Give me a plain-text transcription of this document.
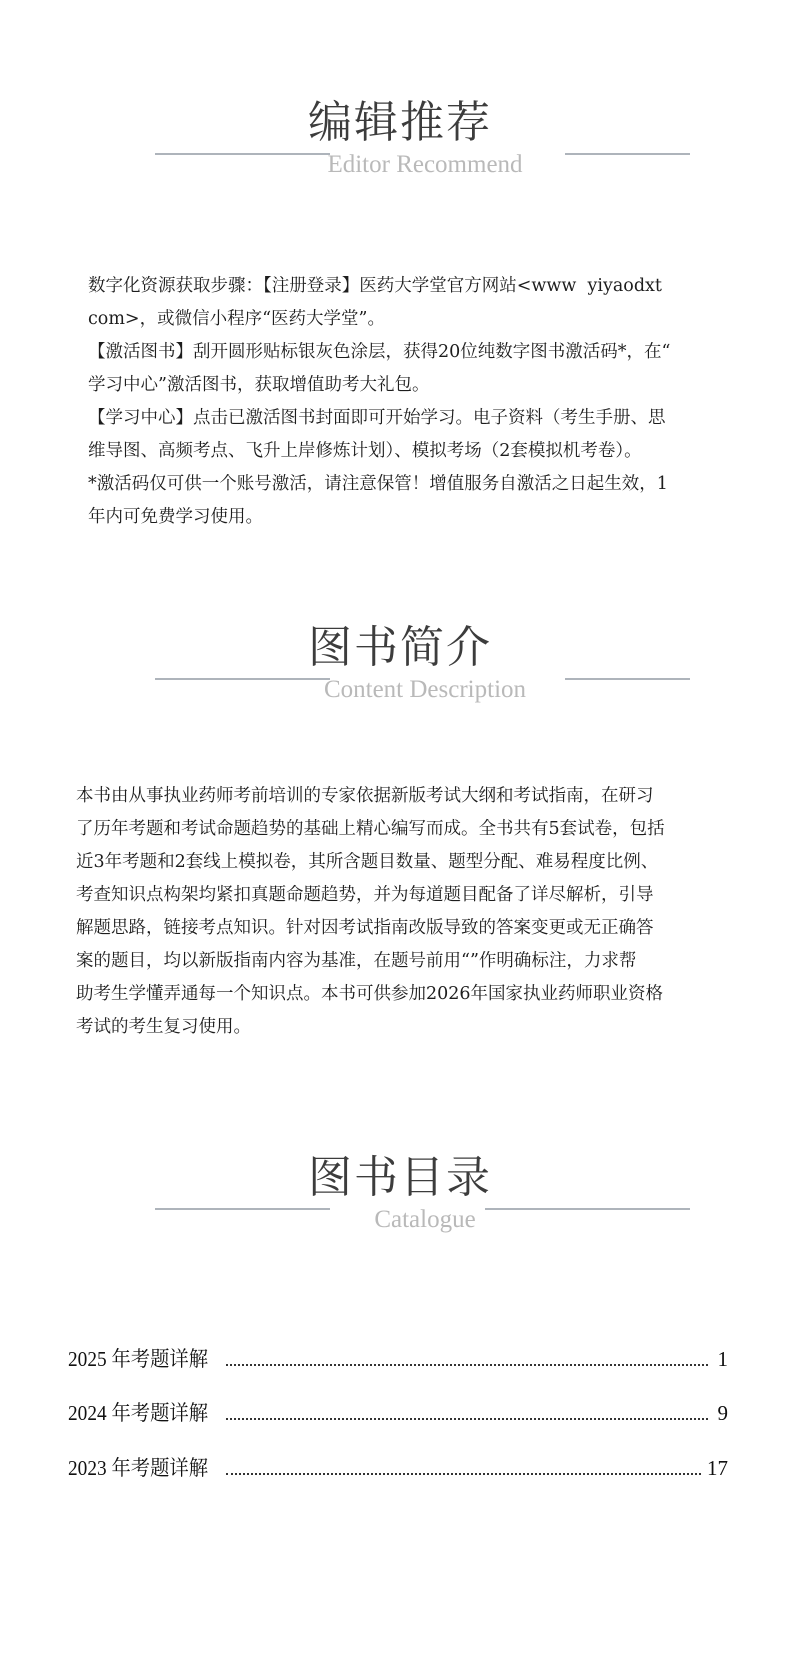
编辑推荐
Editor Recommend

数字化资源获取步骤：【注册登录】医药大学堂官方网站<www  yiyaodxt
com>，或微信小程序“医药大学堂”。
【激活图书】刮开圆形贴标银灰色涂层，获得20位纯数字图书激活码*，在“
学习中心”激活图书，获取增值助考大礼包。
【学习中心】点击已激活图书封面即可开始学习。电子资料（考生手册、思
维导图、高频考点、飞升上岸修炼计划）、模拟考场（2套模拟机考卷）。
*激活码仅可供一个账号激活，请注意保管！增值服务自激活之日起生效，1
年内可免费学习使用。

图书简介
Content Description

本书由从事执业药师考前培训的专家依据新版考试大纲和考试指南，在研习
了历年考题和考试命题趋势的基础上精心编写而成。全书共有5套试卷，包括
近3年考题和2套线上模拟卷，其所含题目数量、题型分配、难易程度比例、
考查知识点构架均紧扣真题命题趋势，并为每道题目配备了详尽解析，引导
解题思路，链接考点知识。针对因考试指南改版导致的答案变更或无正确答
案的题目，均以新版指南内容为基准，在题号前用“”作明确标注，力求帮
助考生学懂弄通每一个知识点。本书可供参加2026年国家执业药师职业资格
考试的考生复习使用。

图书目录
Catalogue
2025 年考题详解	1
2024 年考题详解	9
2023 年考题详解	17
